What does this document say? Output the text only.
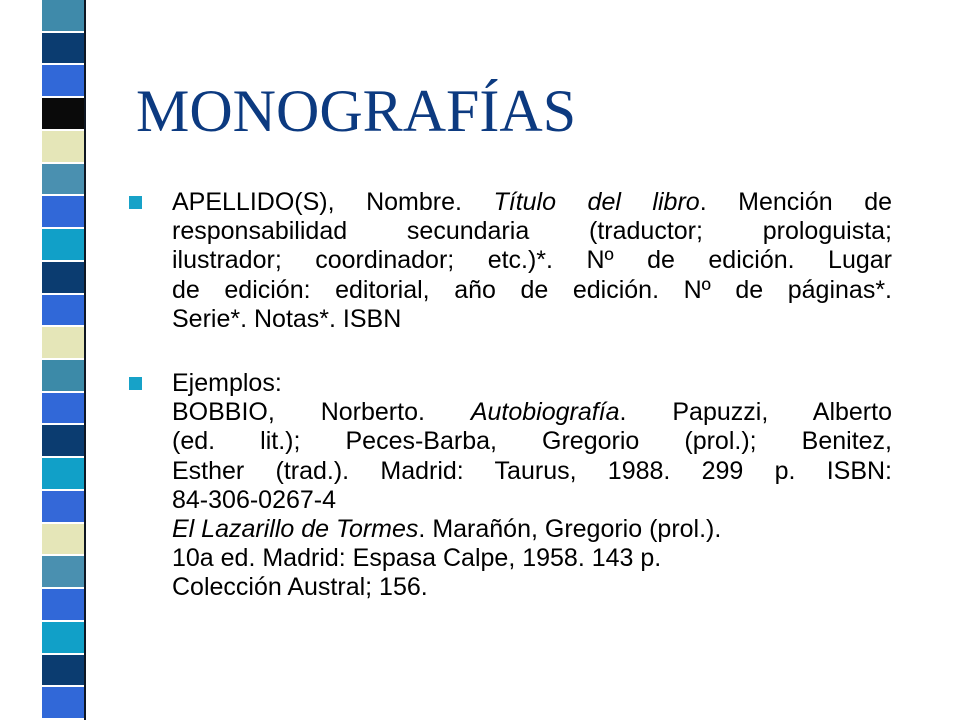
MONOGRAFÍAS
APELLIDO(S), Nombre. Título del libro. Mención de
responsabilidad secundaria (traductor; prologuista;
ilustrador; coordinador; etc.)*. Nº de edición. Lugar
de edición: editorial, año de edición. Nº de páginas*.
Serie*. Notas*. ISBN
Ejemplos:
BOBBIO, Norberto. Autobiografía. Papuzzi, Alberto
(ed. lit.); Peces-Barba, Gregorio (prol.); Benitez,
Esther (trad.). Madrid: Taurus, 1988. 299 p. ISBN:
84-306-0267-4
El Lazarillo de Tormes. Marañón, Gregorio (prol.).
10a ed. Madrid: Espasa Calpe, 1958. 143 p.
Colección Austral; 156.
